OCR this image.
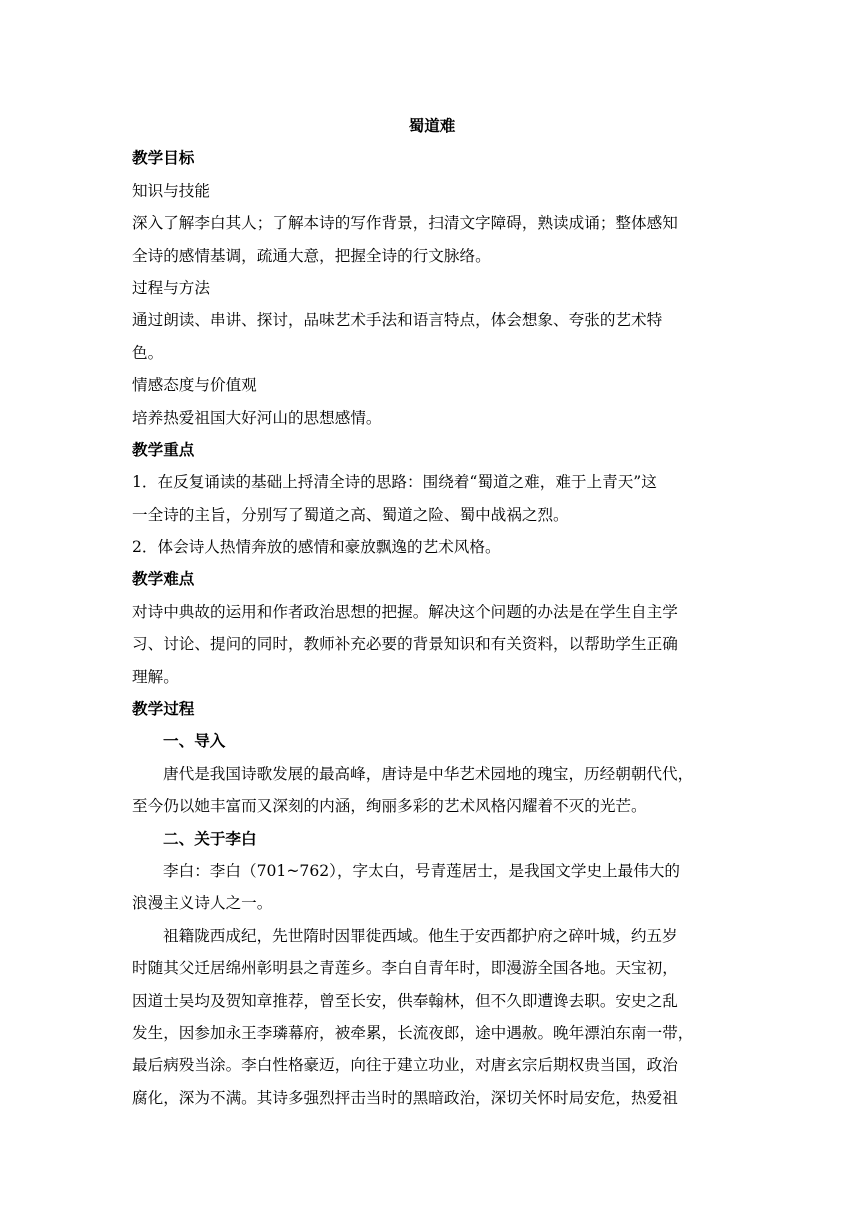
蜀道难
教学目标
知识与技能
深入了解李白其人；了解本诗的写作背景，扫清文字障碍，熟读成诵；整体感知
全诗的感情基调，疏通大意，把握全诗的行文脉络。
过程与方法
通过朗读、串讲、探讨，品味艺术手法和语言特点，体会想象、夸张的艺术特
色。
情感态度与价值观
培养热爱祖国大好河山的思想感情。
教学重点
1．在反复诵读的基础上捋清全诗的思路：围绕着“蜀道之难，难于上青天”这
一全诗的主旨，分别写了蜀道之高、蜀道之险、蜀中战祸之烈。
2．体会诗人热情奔放的感情和豪放飘逸的艺术风格。
教学难点
对诗中典故的运用和作者政治思想的把握。解决这个问题的办法是在学生自主学
习、讨论、提问的同时，教师补充必要的背景知识和有关资料，以帮助学生正确
理解。
教学过程
一、导入
唐代是我国诗歌发展的最高峰，唐诗是中华艺术园地的瑰宝，历经朝朝代代，
至今仍以她丰富而又深刻的内涵，绚丽多彩的艺术风格闪耀着不灭的光芒。
二、关于李白
李白：李白（701~762），字太白，号青莲居士，是我国文学史上最伟大的
浪漫主义诗人之一。
祖籍陇西成纪，先世隋时因罪徙西域。他生于安西都护府之碎叶城，约五岁
时随其父迁居绵州彰明县之青莲乡。李白自青年时，即漫游全国各地。天宝初，
因道士吴均及贺知章推荐，曾至长安，供奉翰林，但不久即遭谗去职。安史之乱
发生，因参加永王李璘幕府，被牵累，长流夜郎，途中遇赦。晚年漂泊东南一带，
最后病殁当涂。李白性格豪迈，向往于建立功业，对唐玄宗后期权贵当国，政治
腐化，深为不满。其诗多强烈抨击当时的黑暗政治，深切关怀时局安危，热爱祖
